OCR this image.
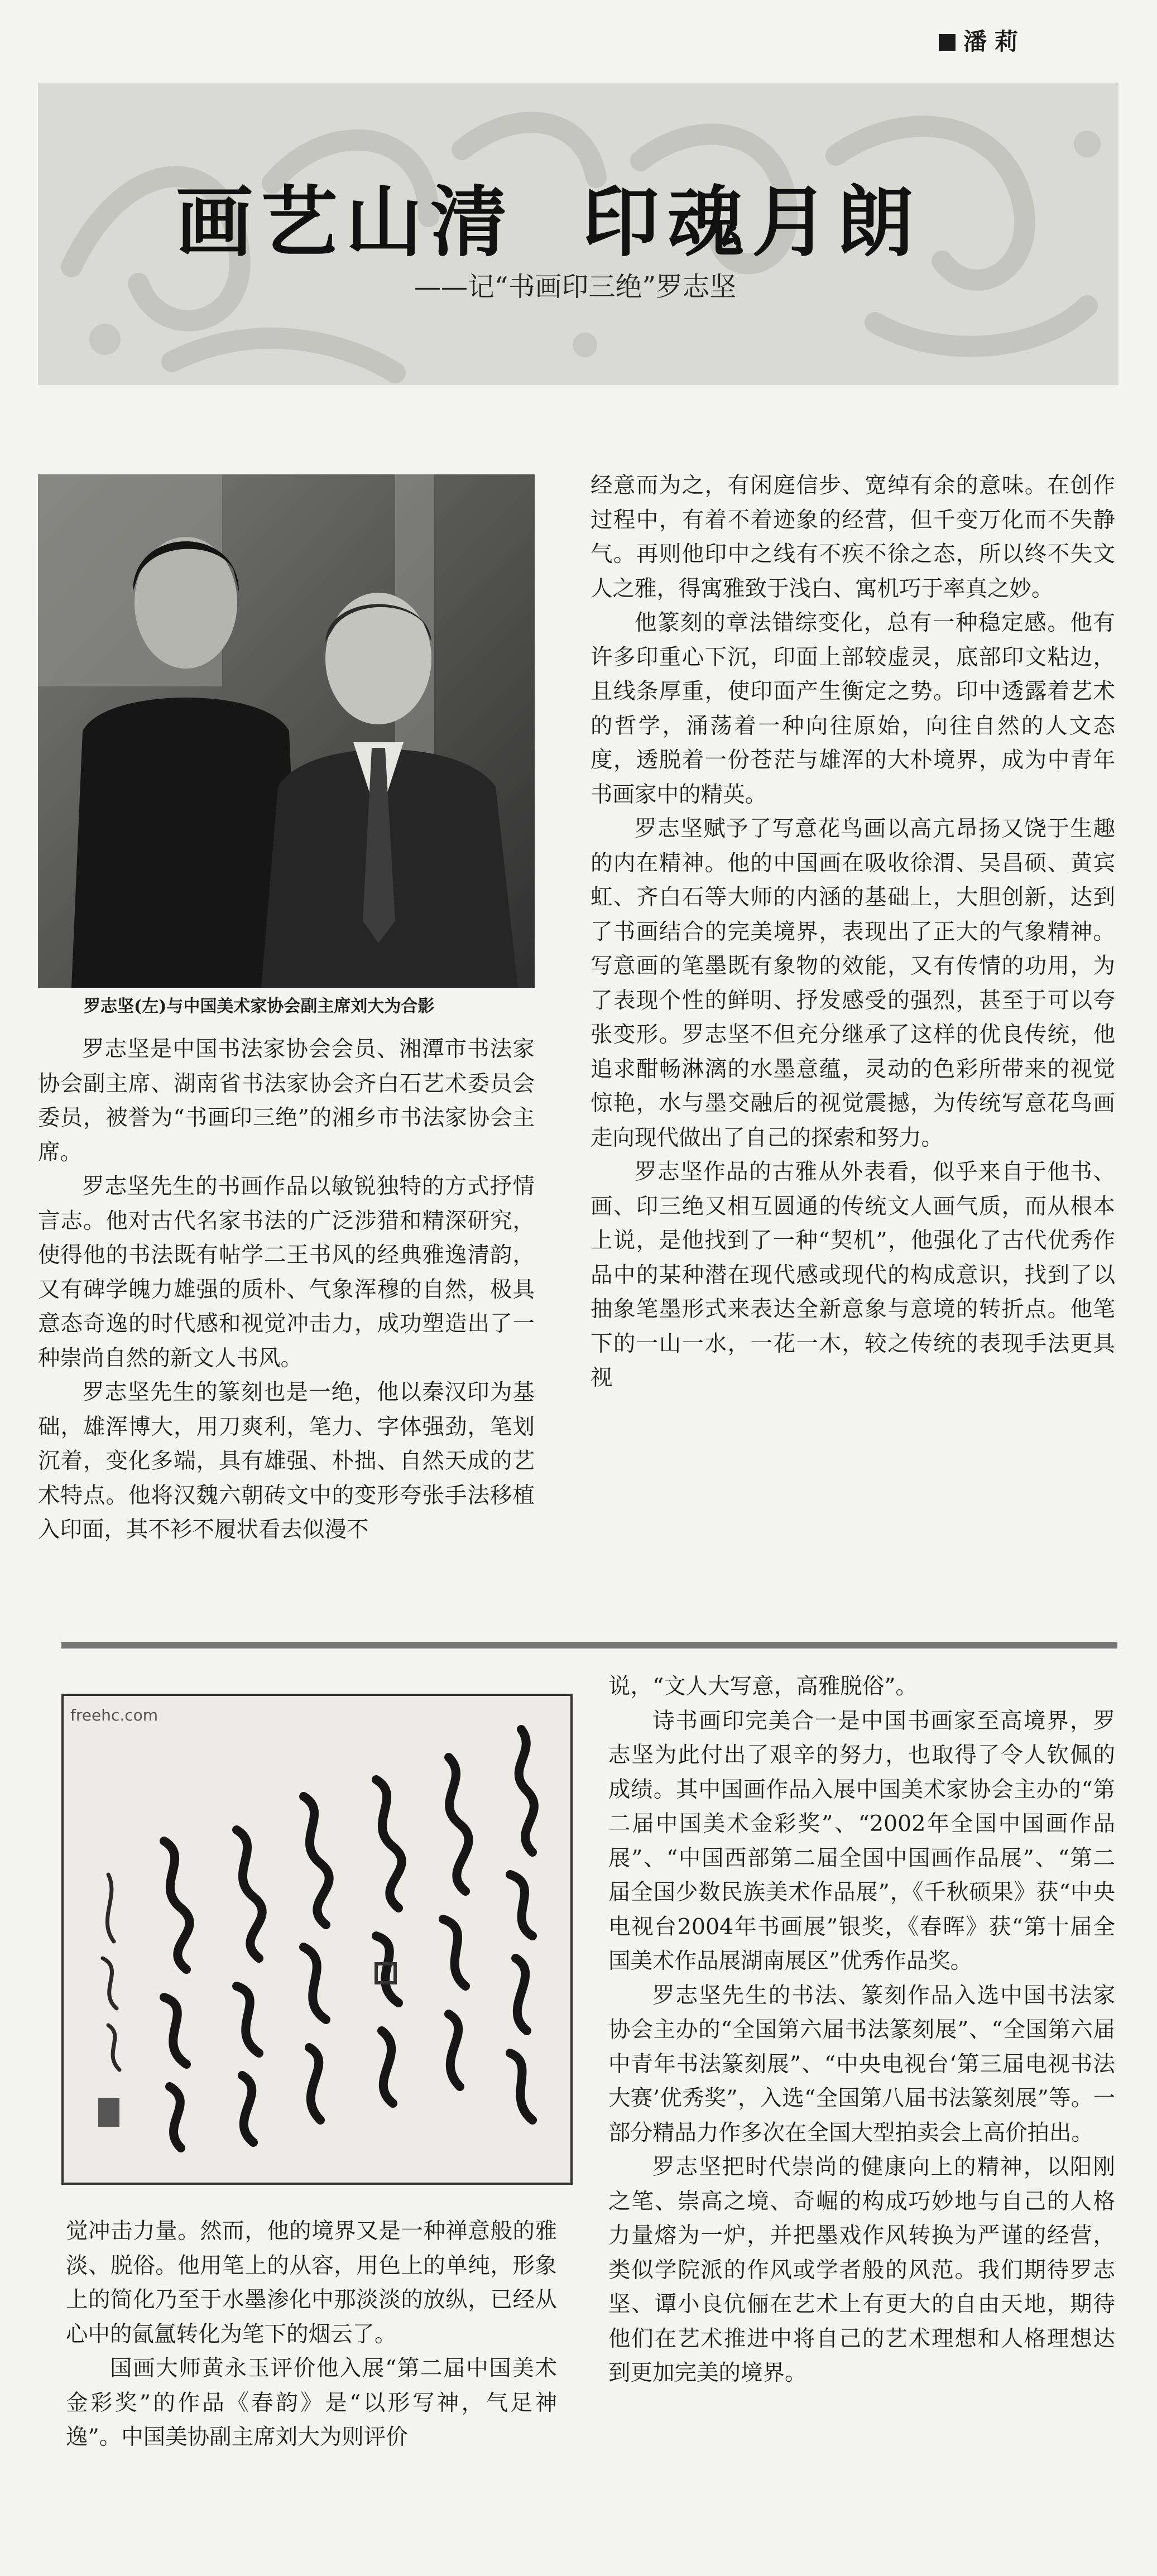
潘莉
画艺山清 印魂月朗
——记“书画印三绝”罗志坚
罗志坚(左)与中国美术家协会副主席刘大为合影

罗志坚是中国书法家协会会员、湘潭市书法家协会副主席、湖南省书法家协会齐白石艺术委员会委员，被誉为“书画印三绝”的湘乡市书法家协会主席。

罗志坚先生的书画作品以敏锐独特的方式抒情言志。他对古代名家书法的广泛涉猎和精深研究，使得他的书法既有帖学二王书风的经典雅逸清韵，又有碑学魄力雄强的质朴、气象浑穆的自然，极具意态奇逸的时代感和视觉冲击力，成功塑造出了一种崇尚自然的新文人书风。

罗志坚先生的篆刻也是一绝，他以秦汉印为基础，雄浑博大，用刀爽利，笔力、字体强劲，笔划沉着，变化多端，具有雄强、朴拙、自然天成的艺术特点。他将汉魏六朝砖文中的变形夸张手法移植入印面，其不衫不履状看去似漫不

经意而为之，有闲庭信步、宽绰有余的意味。在创作过程中，有着不着迹象的经营，但千变万化而不失静气。再则他印中之线有不疾不徐之态，所以终不失文人之雅，得寓雅致于浅白、寓机巧于率真之妙。

他篆刻的章法错综变化，总有一种稳定感。他有许多印重心下沉，印面上部较虚灵，底部印文粘边，且线条厚重，使印面产生衡定之势。印中透露着艺术的哲学，涌荡着一种向往原始，向往自然的人文态度，透脱着一份苍茫与雄浑的大朴境界，成为中青年书画家中的精英。

罗志坚赋予了写意花鸟画以高亢昂扬又饶于生趣的内在精神。他的中国画在吸收徐渭、吴昌硕、黄宾虹、齐白石等大师的内涵的基础上，大胆创新，达到了书画结合的完美境界，表现出了正大的气象精神。写意画的笔墨既有象物的效能，又有传情的功用，为了表现个性的鲜明、抒发感受的强烈，甚至于可以夸张变形。罗志坚不但充分继承了这样的优良传统，他追求酣畅淋漓的水墨意蕴，灵动的色彩所带来的视觉惊艳，水与墨交融后的视觉震撼，为传统写意花鸟画走向现代做出了自己的探索和努力。

罗志坚作品的古雅从外表看，似乎来自于他书、画、印三绝又相互圆通的传统文人画气质，而从根本上说，是他找到了一种“契机”，他强化了古代优秀作品中的某种潜在现代感或现代的构成意识，找到了以抽象笔墨形式来表达全新意象与意境的转折点。他笔下的一山一水，一花一木，较之传统的表现手法更具视

freehc.com

说，“文人大写意，高雅脱俗”。

诗书画印完美合一是中国书画家至高境界，罗志坚为此付出了艰辛的努力，也取得了令人钦佩的成绩。其中国画作品入展中国美术家协会主办的“第二届中国美术金彩奖”、“2002年全国中国画作品展”、“中国西部第二届全国中国画作品展”、“第二届全国少数民族美术作品展”，《千秋硕果》获“中央电视台2004年书画展”银奖，《春晖》获“第十届全国美术作品展湖南展区”优秀作品奖。

罗志坚先生的书法、篆刻作品入选中国书法家协会主办的“全国第六届书法篆刻展”、“全国第六届中青年书法篆刻展”、“中央电视台‘第三届电视书法大赛’优秀奖”，入选“全国第八届书法篆刻展”等。一部分精品力作多次在全国大型拍卖会上高价拍出。

罗志坚把时代崇尚的健康向上的精神，以阳刚之笔、崇高之境、奇崛的构成巧妙地与自己的人格力量熔为一炉，并把墨戏作风转换为严谨的经营，类似学院派的作风或学者般的风范。我们期待罗志坚、谭小良伉俪在艺术上有更大的自由天地，期待他们在艺术推进中将自己的艺术理想和人格理想达到更加完美的境界。

觉冲击力量。然而，他的境界又是一种禅意般的雅淡、脱俗。他用笔上的从容，用色上的单纯，形象上的简化乃至于水墨渗化中那淡淡的放纵，已经从心中的氤氲转化为笔下的烟云了。

国画大师黄永玉评价他入展“第二届中国美术金彩奖”的作品《春韵》是“以形写神，气足神逸”。中国美协副主席刘大为则评价
